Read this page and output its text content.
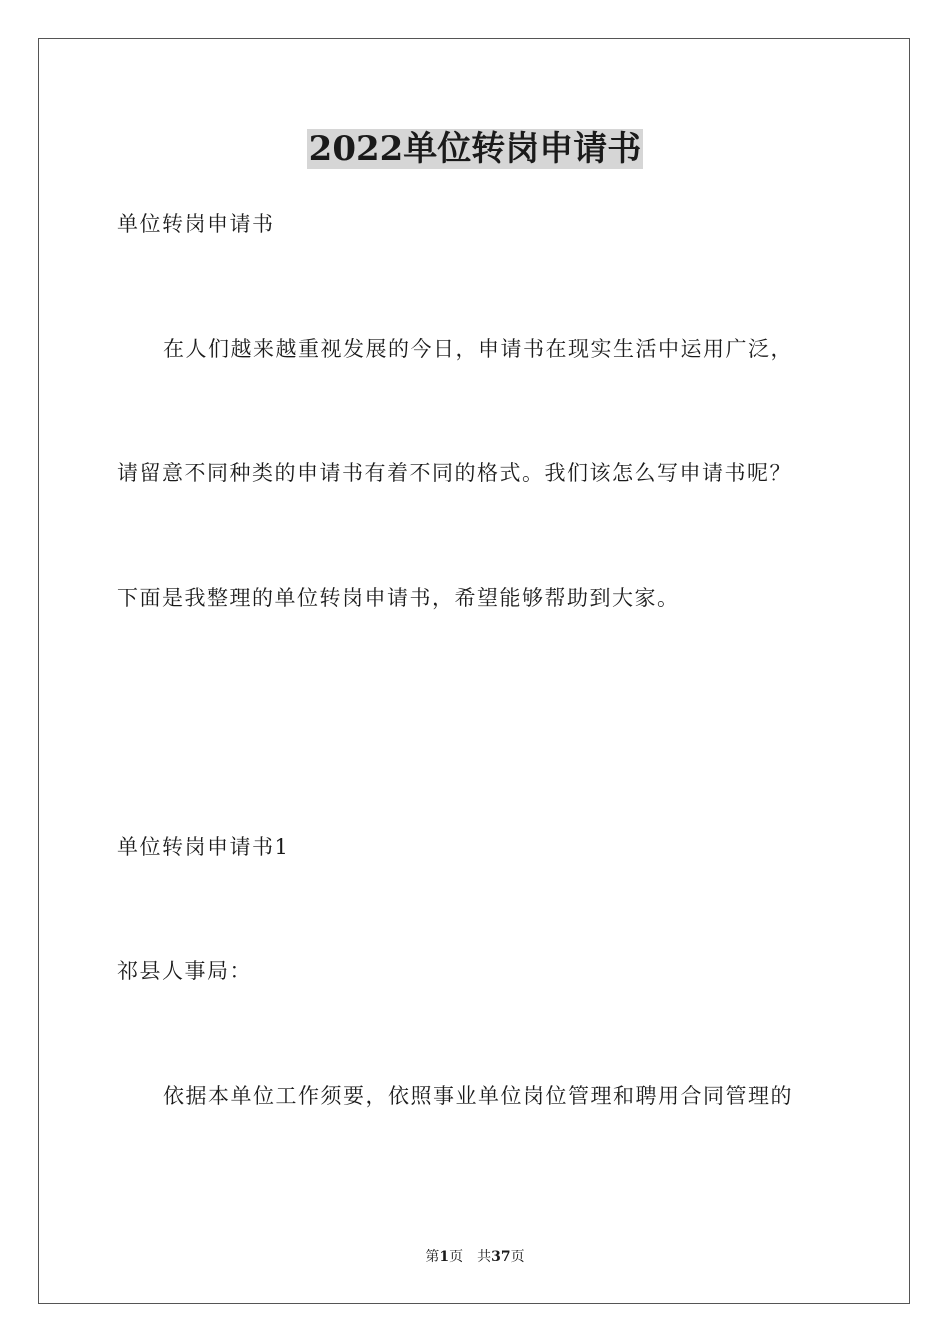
2022单位转岗申请书
单位转岗申请书
在人们越来越重视发展的今日，申请书在现实生活中运用广泛，
请留意不同种类的申请书有着不同的格式。我们该怎么写申请书呢？
下面是我整理的单位转岗申请书，希望能够帮助到大家。
单位转岗申请书1
祁县人事局：
依据本单位工作须要，依照事业单位岗位管理和聘用合同管理的
第1页 共37页
